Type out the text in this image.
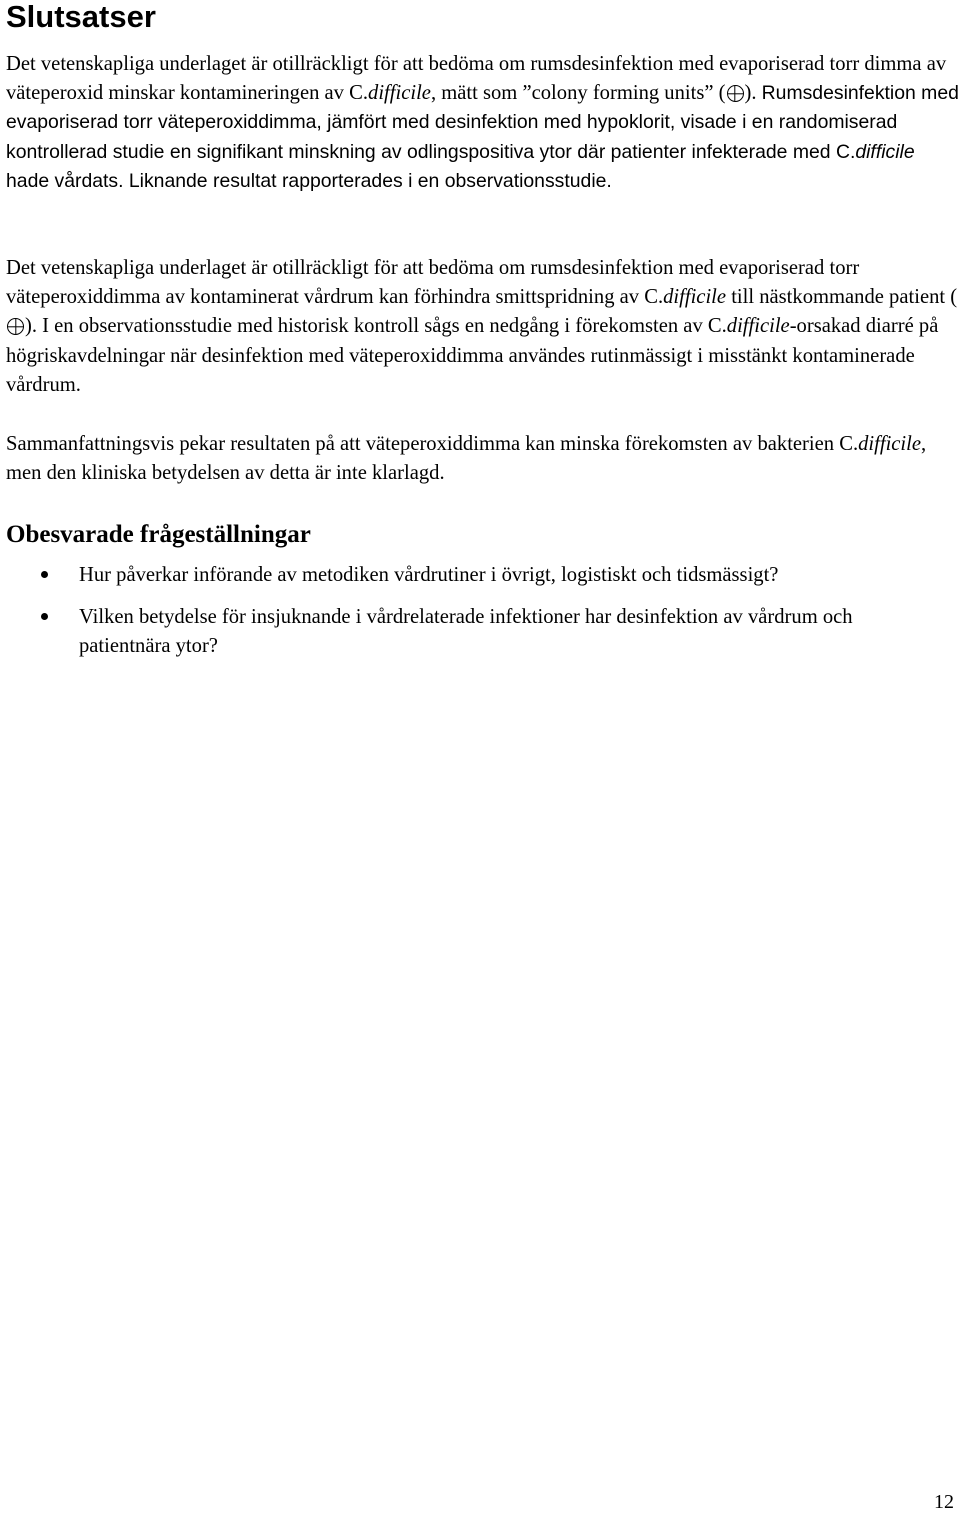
Slutsatser

Det vetenskapliga underlaget är otillräckligt för att bedöma om rumsdesinfektion med evaporiserad torr dimma av väteperoxid minskar kontamineringen av C.difficile, mätt som ”colony forming units” ( ). Rumsdesinfektion med evaporiserad torr väteperoxiddimma, jämfört med desinfektion med hypoklorit, visade i en randomiserad kontrollerad studie en signifikant minskning av odlingspositiva ytor där patienter infekterade med C.difficile hade vårdats. Liknande resultat rapporterades i en observationsstudie.

Det vetenskapliga underlaget är otillräckligt för att bedöma om rumsdesinfektion med evaporiserad torr väteperoxiddimma av kontaminerat vårdrum kan förhindra smittspridning av C.difficile till nästkommande patient (). I en observationsstudie med historisk kontroll sågs en nedgång i förekomsten av C.difficile-orsakad diarré på högriskavdelningar när desinfektion med väteperoxiddimma användes rutinmässigt i misstänkt kontaminerade vårdrum.

Sammanfattningsvis pekar resultaten på att väteperoxiddimma kan minska förekomsten av bakterien C.difficile, men den kliniska betydelsen av detta är inte klarlagd.

Obesvarade frågeställningar
Hur påverkar införande av metodiken vårdrutiner i övrigt, logistiskt och tidsmässigt?
Vilken betydelse för insjuknande i vårdrelaterade infektioner har desinfektion av vårdrum och patientnära ytor?
12
